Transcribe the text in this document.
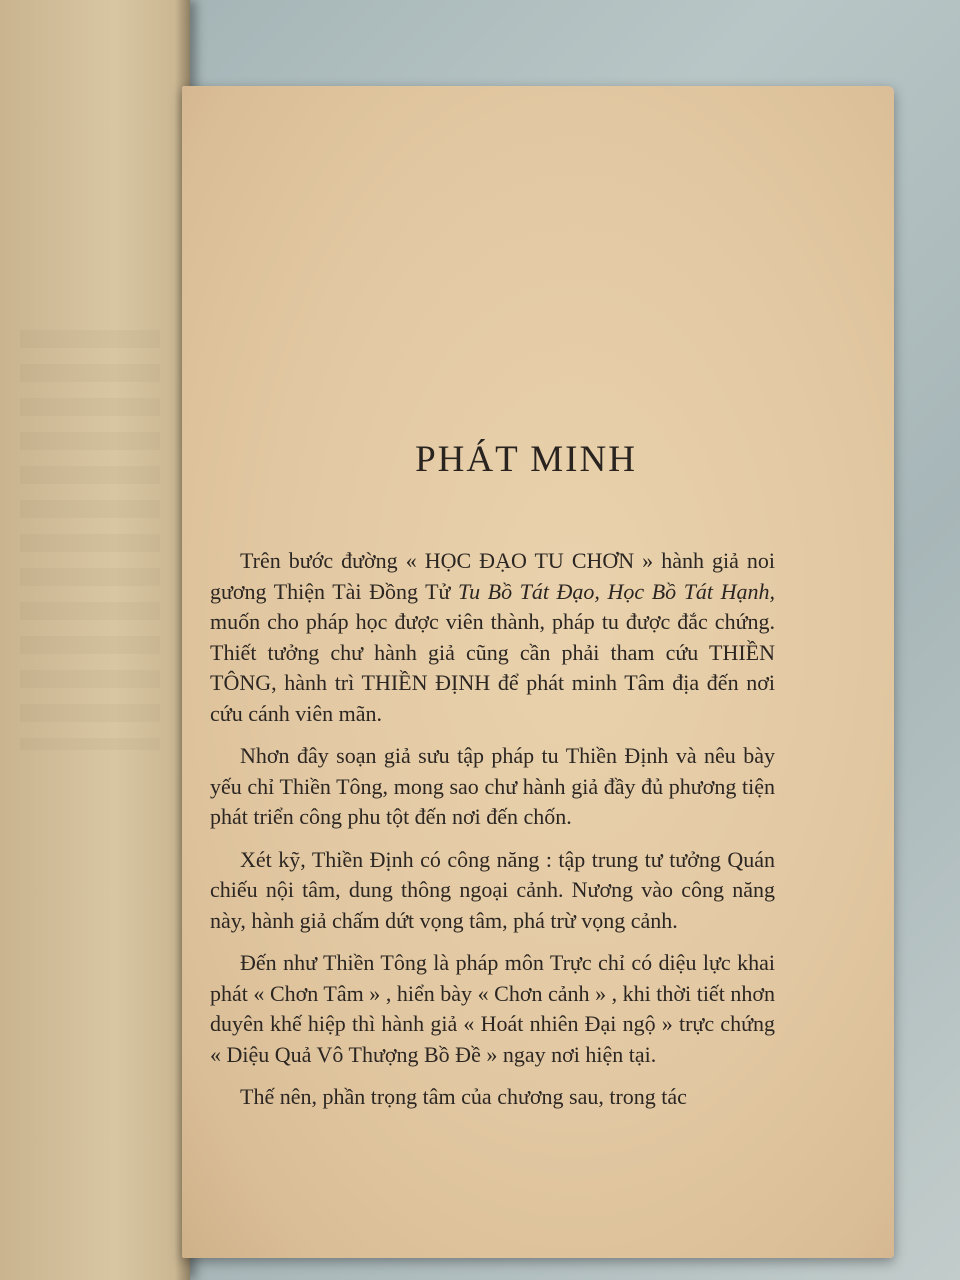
PHÁT MINH

Trên bước đường « HỌC ĐẠO TU CHƠN » hành giả noi gương Thiện Tài Đồng Tử Tu Bồ Tát Đạo, Học Bồ Tát Hạnh, muốn cho pháp học được viên thành, pháp tu được đắc chứng. Thiết tưởng chư hành giả cũng cần phải tham cứu THIỀN TÔNG, hành trì THIỀN ĐỊNH để phát minh Tâm địa đến nơi cứu cánh viên mãn.

Nhơn đây soạn giả sưu tập pháp tu Thiền Định và nêu bày yếu chỉ Thiền Tông, mong sao chư hành giả đầy đủ phương tiện phát triển công phu tột đến nơi đến chốn.

Xét kỹ, Thiền Định có công năng : tập trung tư tưởng Quán chiếu nội tâm, dung thông ngoại cảnh. Nương vào công năng này, hành giả chấm dứt vọng tâm, phá trừ vọng cảnh.

Đến như Thiền Tông là pháp môn Trực chỉ có diệu lực khai phát « Chơn Tâm » , hiển bày « Chơn cảnh » , khi thời tiết nhơn duyên khế hiệp thì hành giả « Hoát nhiên Đại ngộ » trực chứng « Diệu Quả Vô Thượng Bồ Đề » ngay nơi hiện tại.

Thế nên, phần trọng tâm của chương sau, trong tác
